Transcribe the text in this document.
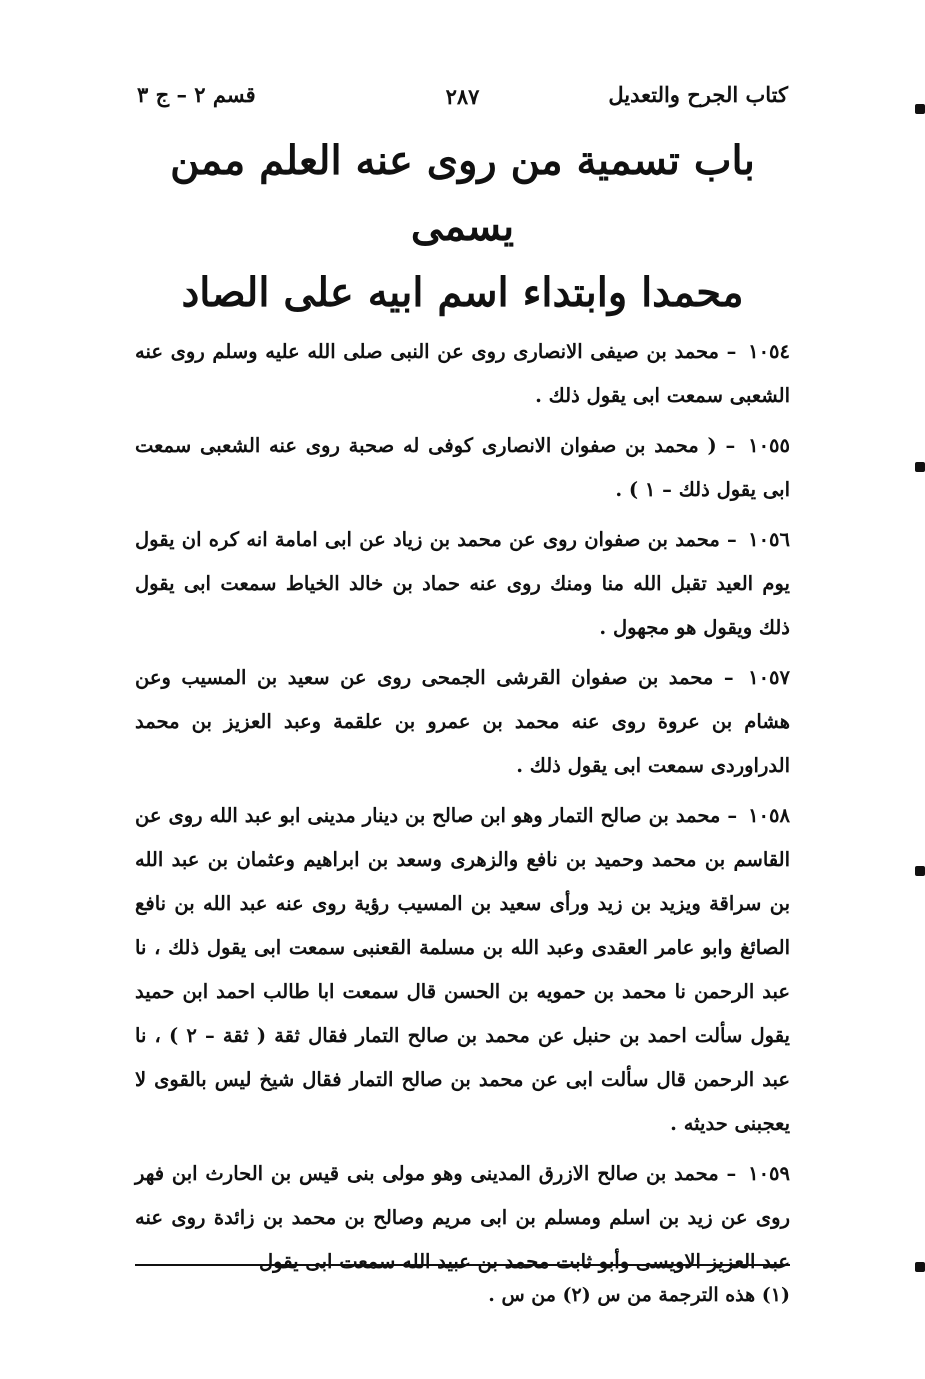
كتاب الجرح والتعديل
٢٨٧
قسم ٢ – ج ٣
باب تسمية من روى عنه العلم ممن يسمى
محمدا وابتداء اسم ابيه على الصاد

١٠٥٤ – محمد بن صيفى الانصارى روى عن النبى صلى الله عليه وسلم روى عنه الشعبى سمعت ابى يقول ذلك .

١٠٥٥ – ( محمد بن صفوان الانصارى كوفى له صحبة روى عنه الشعبى سمعت ابى يقول ذلك – ١ ) .

١٠٥٦ – محمد بن صفوان روى عن محمد بن زياد عن ابى امامة انه كره ان يقول يوم العيد تقبل الله منا ومنك روى عنه حماد بن خالد الخياط سمعت ابى يقول ذلك ويقول هو مجهول .

١٠٥٧ – محمد بن صفوان القرشى الجمحى روى عن سعيد بن المسيب وعن هشام بن عروة روى عنه محمد بن عمرو بن علقمة وعبد العزيز بن محمد الدراوردى سمعت ابى يقول ذلك .

١٠٥٨ – محمد بن صالح التمار وهو ابن صالح بن دينار مدينى ابو عبد الله روى عن القاسم بن محمد وحميد بن نافع والزهرى وسعد بن ابراهيم وعثمان بن عبد الله بن سراقة ويزيد بن زيد ورأى سعيد بن المسيب رؤية روى عنه عبد الله بن نافع الصائغ وابو عامر العقدى وعبد الله بن مسلمة القعنبى سمعت ابى يقول ذلك ، نا عبد الرحمن نا محمد بن حمويه بن الحسن قال سمعت ابا طالب احمد ابن حميد يقول سألت احمد بن حنبل عن محمد بن صالح التمار فقال ثقة ( ثقة – ٢ ) ، نا عبد الرحمن قال سألت ابى عن محمد بن صالح التمار فقال شيخ ليس بالقوى لا يعجبنى حديثه .

١٠٥٩ – محمد بن صالح الازرق المدينى وهو مولى بنى قيس بن الحارث ابن فهر روى عن زيد بن اسلم ومسلم بن ابى مريم وصالح بن محمد بن زائدة روى عنه عبد العزيز الاويسى وأبو ثابت محمد بن عبيد الله سمعت ابى يقول

(١) هذه الترجمة من س (٢) من س .
